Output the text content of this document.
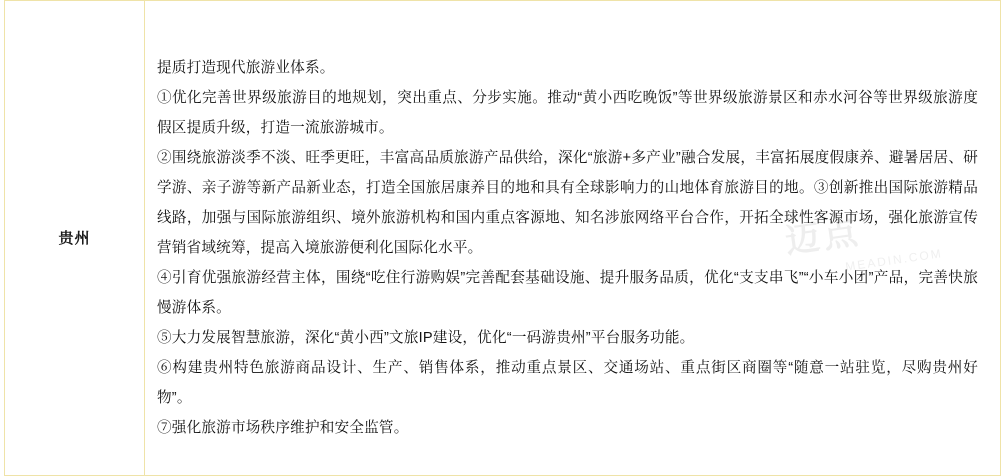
贵州

提质打造现代旅游业体系。

①优化完善世界级旅游目的地规划，突出重点、分步实施。推动“黄小西吃晚饭”等世界级旅游景区和赤水河谷等世界级旅游度假区提质升级，打造一流旅游城市。

②围绕旅游淡季不淡、旺季更旺，丰富高品质旅游产品供给，深化“旅游+多产业”融合发展，丰富拓展度假康养、避暑居居、研学游、亲子游等新产品新业态，打造全国旅居康养目的地和具有全球影响力的山地体育旅游目的地。③创新推出国际旅游精品线路，加强与国际旅游组织、境外旅游机构和国内重点客源地、知名涉旅网络平台合作，开拓全球性客源市场，强化旅游宣传营销省域统筹，提高入境旅游便利化国际化水平。

④引育优强旅游经营主体，围绕“吃住行游购娱”完善配套基础设施、提升服务品质，优化“支支串飞”“小车小团”产品，完善快旅慢游体系。

⑤大力发展智慧旅游，深化“黄小西”文旅IP建设，优化“一码游贵州”平台服务功能。

⑥构建贵州特色旅游商品设计、生产、销售体系，推动重点景区、交通场站、重点街区商圈等“随意一站驻览，尽购贵州好物”。

⑦强化旅游市场秩序维护和安全监管。

迈点
MEADIN.COM
